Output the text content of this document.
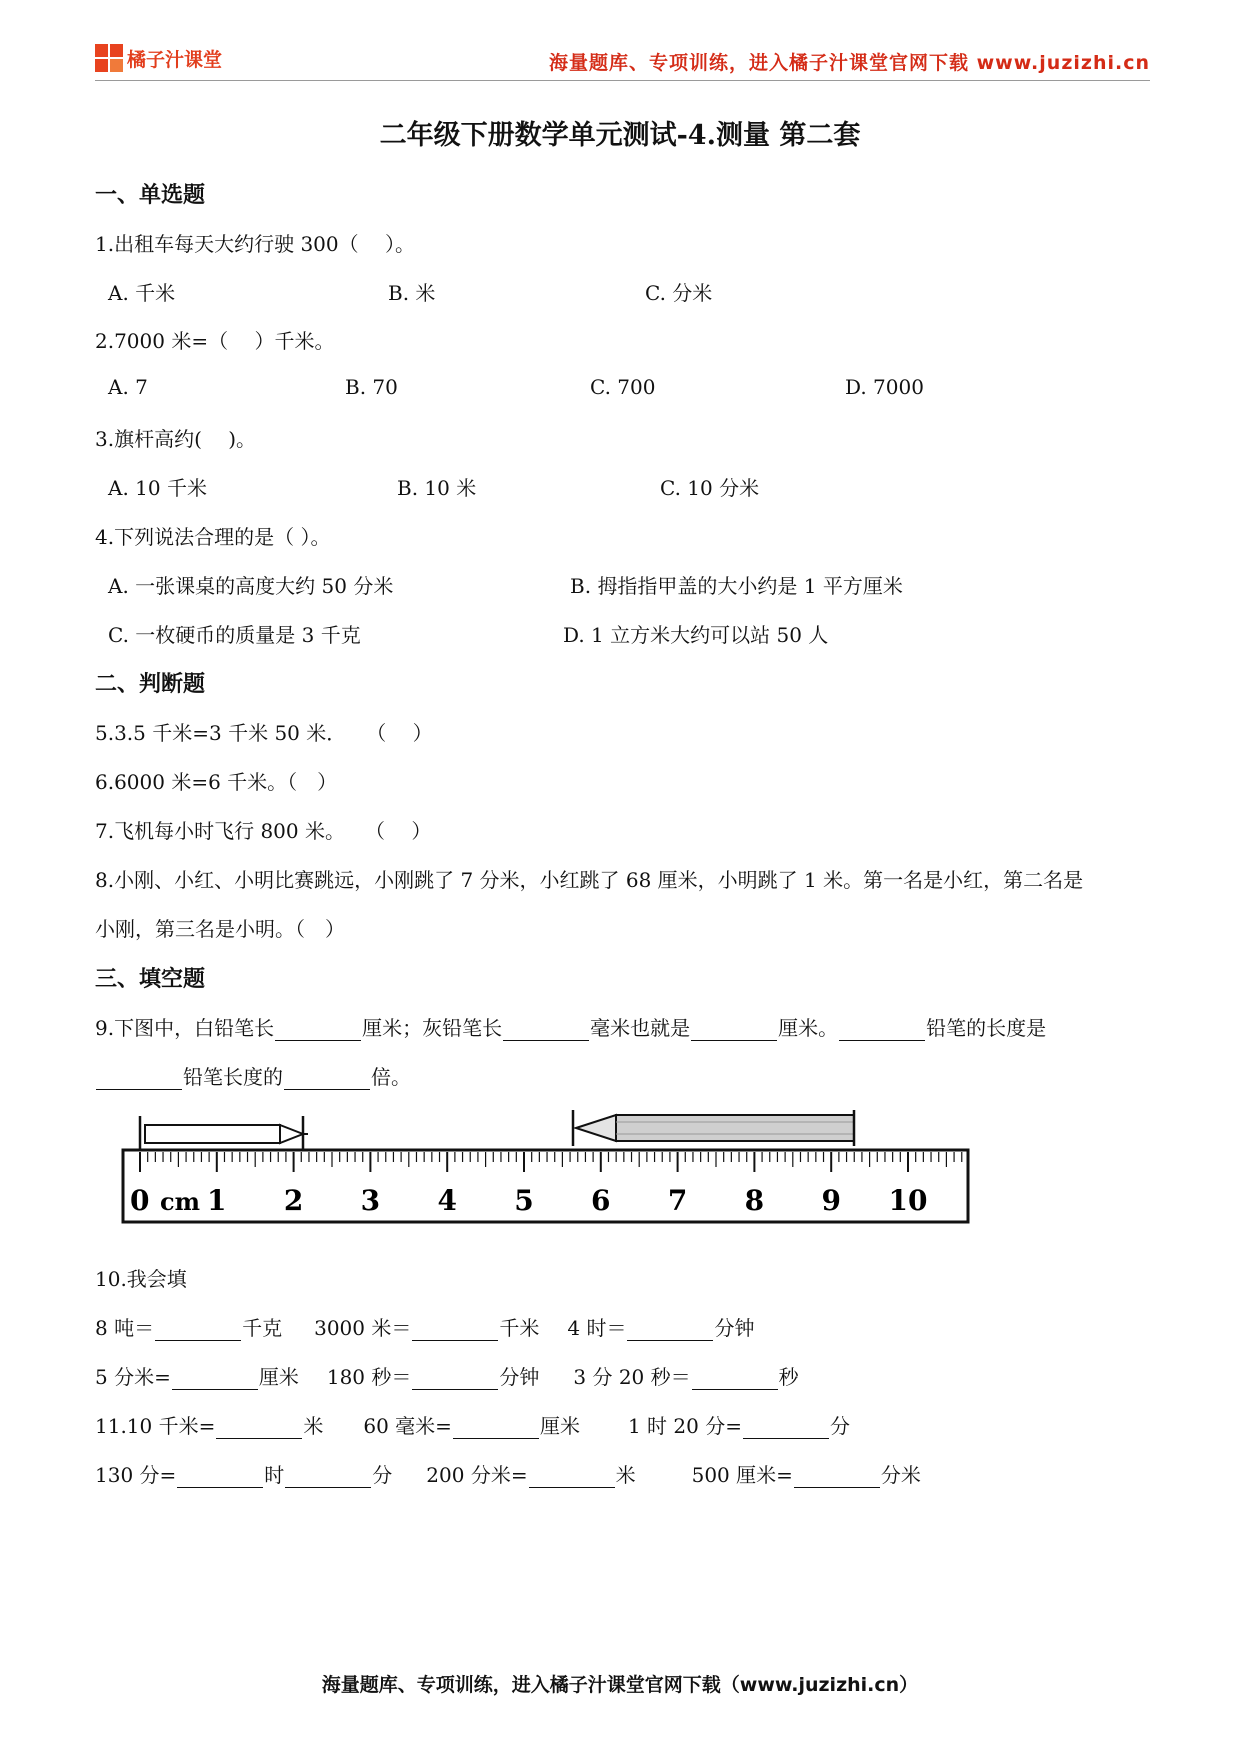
橘子汁课堂	海量题库、专项训练，进入橘子汁课堂官网下载 www.juzizhi.cn
二年级下册数学单元测试-4.测量 第二套
一、单选题
1.出租车每天大约行驶 300（　 ）。
A. 千米	B. 米	C. 分米
2.7000 米=（　 ）千米。
A. 7	B. 70	C. 700	D. 7000
3.旗杆高约(　 )。
A. 10 千米	B. 10 米	C. 10 分米
4.下列说法合理的是（ ）。
A. 一张课桌的高度大约 50 分米	B. 拇指指甲盖的大小约是 1 平方厘米
C. 一枚硬币的质量是 3 千克	D. 1 立方米大约可以站 50 人
二、判断题
5.3.5 千米=3 千米 50 米．　　（　 ）
6.6000 米=6 千米。（　）
7.飞机每小时飞行 800 米。　　（　 ）
8.小刚、小红、小明比赛跳远，小刚跳了 7 分米，小红跳了 68 厘米，小明跳了 1 米。第一名是小红，第二名是
小刚，第三名是小明。（　）
三、填空题
9.下图中，白铅笔长	厘米；灰铅笔长	毫米也就是	厘米。	铅笔的长度是
铅笔长度的	倍。
0 1 2 3 4 5 6 7 8 9 10
cm
10.我会填
8 吨＝	千克 3000 米＝	千米 4 时＝	分钟
5 分米=	厘米 180 秒＝	分钟 3 分 20 秒＝	秒
11.10 千米=	米 60 毫米=	厘米 1 时 20 分=	分
130 分=	时	分 200 分米=	米	500 厘米=	分米
海量题库、专项训练，进入橘子汁课堂官网下载（www.juzizhi.cn）
